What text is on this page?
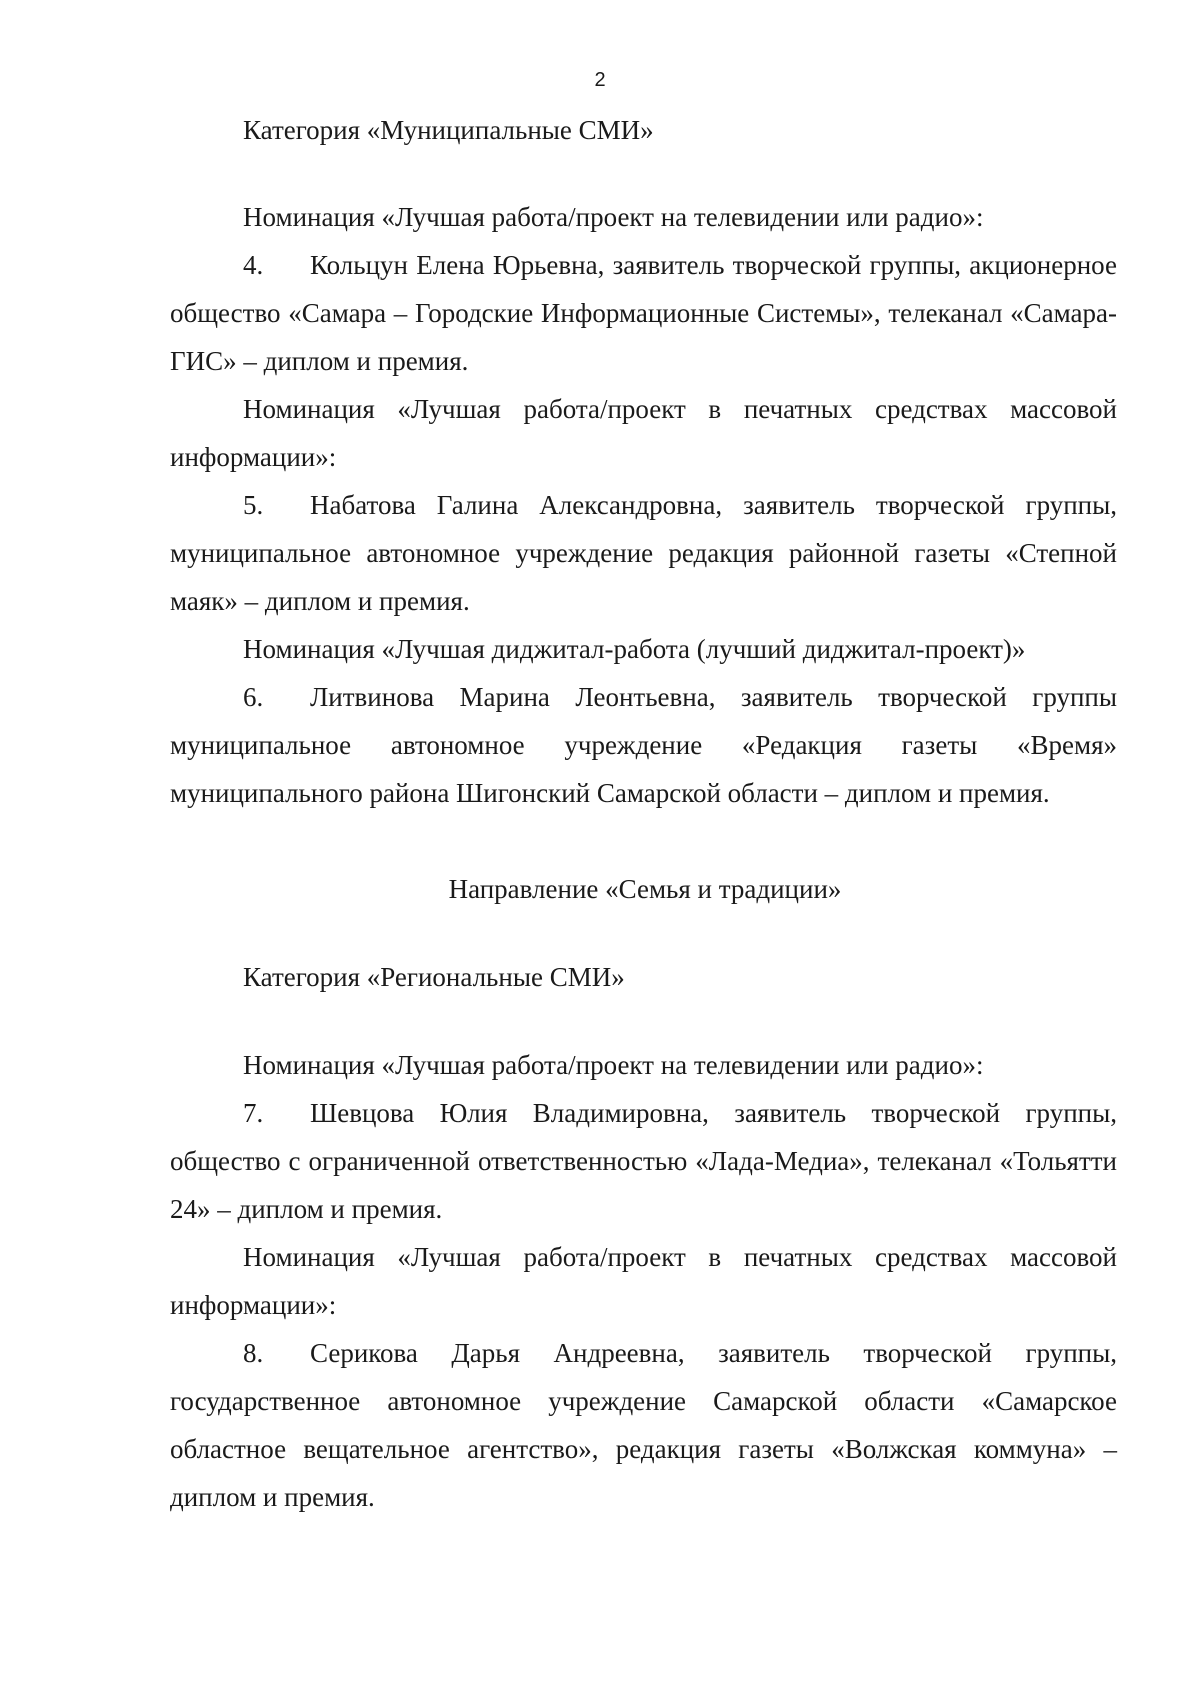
2

Категория «Муниципальные СМИ»

Номинация «Лучшая работа/проект на телевидении или радио»:

4. Кольцун Елена Юрьевна, заявитель творческой группы, акционерное общество «Самара – Городские Информационные Системы», телеканал «Самара-ГИС» – диплом и премия.

Номинация «Лучшая работа/проект в печатных средствах массовой информации»:

5. Набатова Галина Александровна, заявитель творческой группы, муниципальное автономное учреждение редакция районной газеты «Степной маяк» – диплом и премия.

Номинация «Лучшая диджитал-работа (лучший диджитал-проект)»

6. Литвинова Марина Леонтьевна, заявитель творческой группы муниципальное автономное учреждение «Редакция газеты «Время» муниципального района Шигонский Самарской области – диплом и премия.

Направление «Семья и традиции»

Категория «Региональные СМИ»

Номинация «Лучшая работа/проект на телевидении или радио»:

7. Шевцова Юлия Владимировна, заявитель творческой группы, общество с ограниченной ответственностью «Лада-Медиа», телеканал «Тольятти 24» – диплом и премия.

Номинация «Лучшая работа/проект в печатных средствах массовой информации»:

8. Серикова Дарья Андреевна, заявитель творческой группы, государственное автономное учреждение Самарской области «Самарское областное вещательное агентство», редакция газеты «Волжская коммуна» – диплом и премия.
